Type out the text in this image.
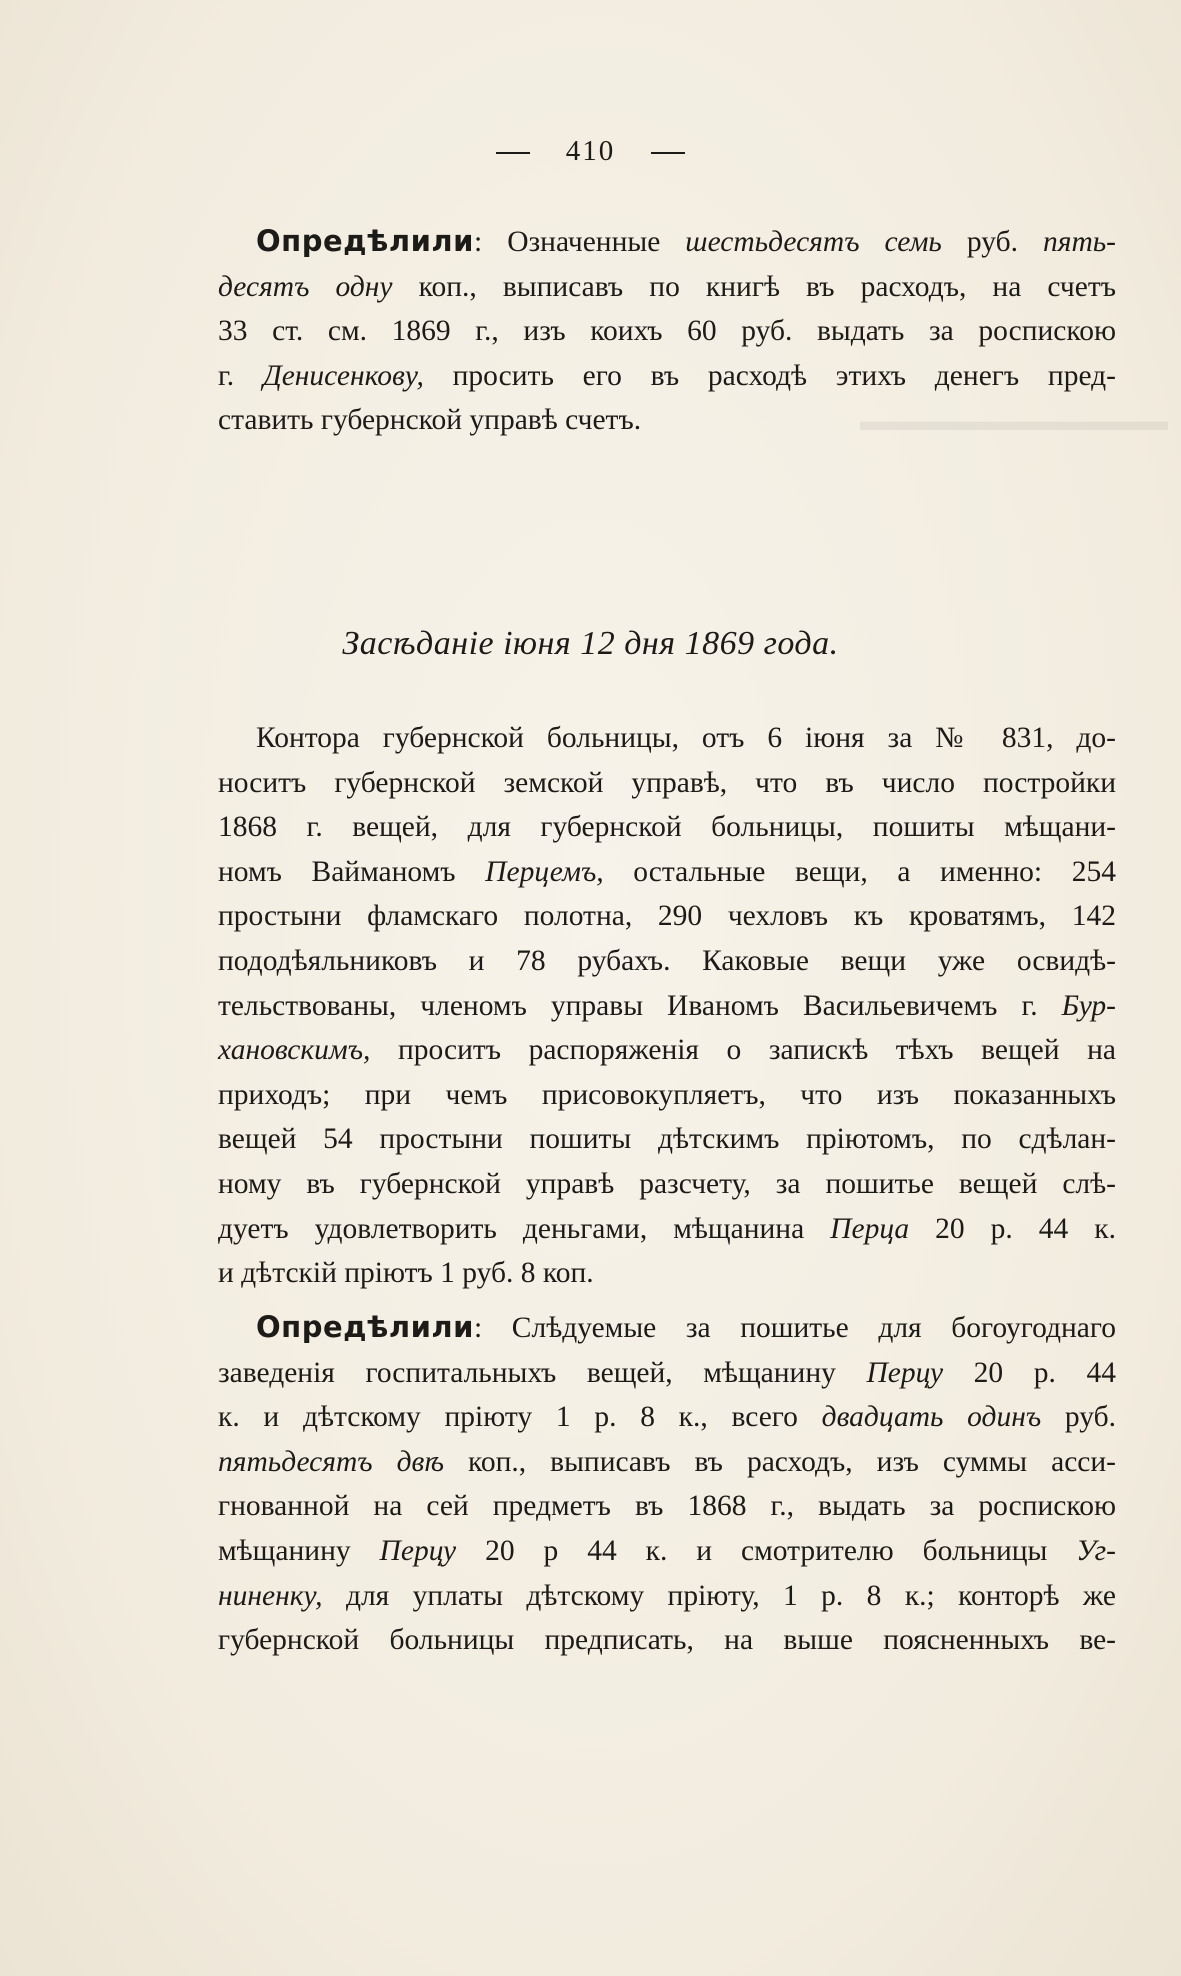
410
▬▬▬▬▬▬▬▬▬▬▬
Опредѣлили: Означенные шестьдесятъ семь руб. пять-
десятъ одну коп., выписавъ по книгѣ въ расходъ, на счетъ
33 ст. см. 1869 г., изъ коихъ 60 руб. выдать за роспискою
г. Денисенкову, просить его въ расходѣ этихъ денегъ пред-
ставить губернской управѣ счетъ.
Засѣданіе іюня 12 дня 1869 года.
Контора губернской больницы, отъ 6 іюня за № 831, до-
носитъ губернской земской управѣ, что въ число постройки
1868 г. вещей, для губернской больницы, пошиты мѣщани-
номъ Вайманомъ Перцемъ, остальные вещи, а именно: 254
простыни фламскаго полотна, 290 чехловъ къ кроватямъ, 142
пододѣяльниковъ и 78 рубахъ. Каковые вещи уже освидѣ-
тельствованы, членомъ управы Иваномъ Васильевичемъ г. Бур-
хановскимъ, проситъ распоряженія о запискѣ тѣхъ вещей на
приходъ; при чемъ присовокупляетъ, что изъ показанныхъ
вещей 54 простыни пошиты дѣтскимъ пріютомъ, по сдѣлан-
ному въ губернской управѣ разсчету, за пошитье вещей слѣ-
дуетъ удовлетворить деньгами, мѣщанина Перца 20 р. 44 к.
и дѣтскій пріютъ 1 руб. 8 коп.
Опредѣлили: Слѣдуемые за пошитье для богоугоднаго
заведенія госпитальныхъ вещей, мѣщанину Перцу 20 р. 44
к. и дѣтскому пріюту 1 р. 8 к., всего двадцать одинъ руб.
пятьдесятъ двѣ коп., выписавъ въ расходъ, изъ суммы асси-
гнованной на сей предметъ въ 1868 г., выдать за роспискою
мѣщанину Перцу 20 р 44 к. и смотрителю больницы Уг-
ниненку, для уплаты дѣтскому пріюту, 1 р. 8 к.; конторѣ же
губернской больницы предписать, на выше поясненныхъ ве-
